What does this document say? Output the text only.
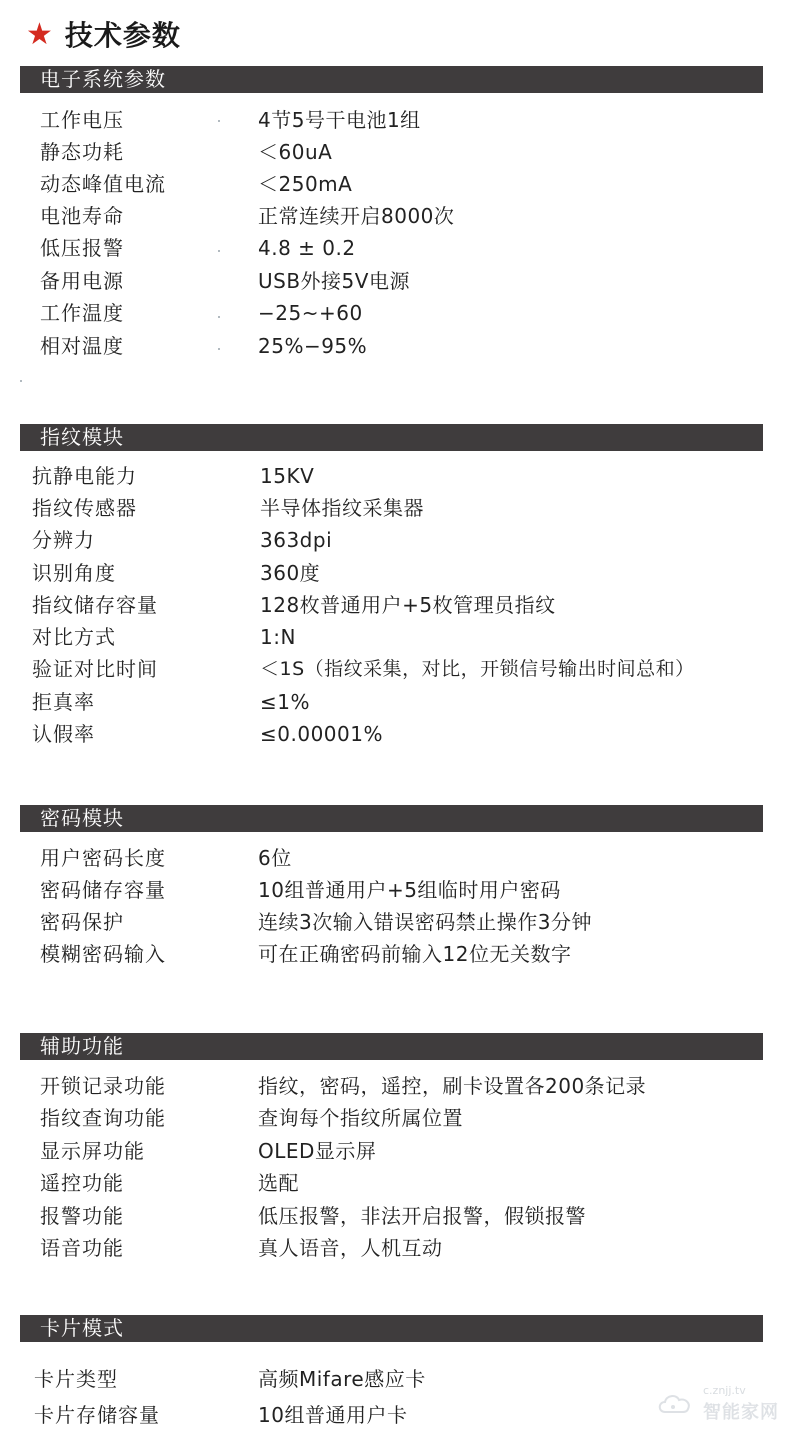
★ 技术参数
电子系统参数
工作电压	4节5号干电池1组
静态功耗	＜60uA
动态峰值电流	＜250mA
电池寿命	正常连续开启8000次
低压报警	4.8 ± 0.2
备用电源	USB外接5V电源
工作温度	−25~+60
相对温度	25%−95%
指纹模块
抗静电能力	15KV
指纹传感器	半导体指纹采集器
分辨力	363dpi
识别角度	360度
指纹储存容量	128枚普通用户+5枚管理员指纹
对比方式	1:N
验证对比时间	＜1S（指纹采集，对比，开锁信号输出时间总和）
拒真率	≤1%
认假率	≤0.00001%
密码模块
用户密码长度	6位
密码储存容量	10组普通用户+5组临时用户密码
密码保护	连续3次输入错误密码禁止操作3分钟
模糊密码输入	可在正确密码前输入12位无关数字
辅助功能
开锁记录功能	指纹，密码，遥控，刷卡设置各200条记录
指纹查询功能	查询每个指纹所属位置
显示屏功能	OLED显示屏
遥控功能	选配
报警功能	低压报警，非法开启报警，假锁报警
语音功能	真人语音，人机互动
卡片模式
卡片类型	高频Mifare感应卡
卡片存储容量	10组普通用户卡
c.znjj.tv
智能家网
